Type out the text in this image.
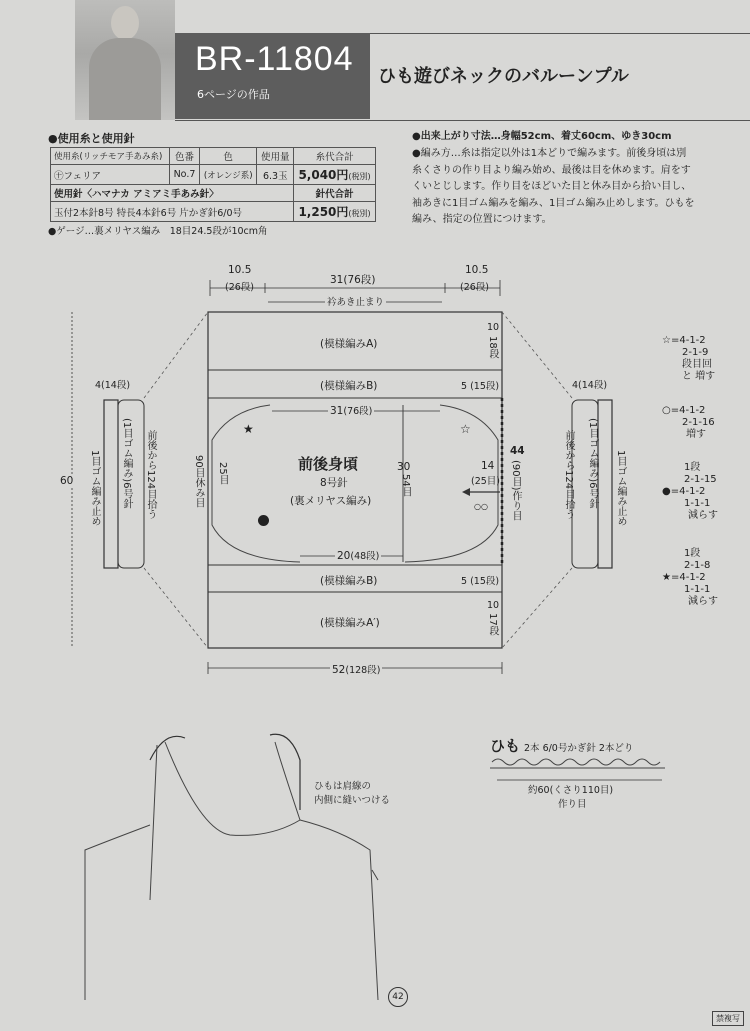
BR-11804
6ページの作品
ひも遊びネックのバルーンプル
●使用糸と使用針
使用糸(リッチモア手あみ糸)	色番	色	使用量	糸代合計
㊉フェリア	No.7	(オレンジ系)	6.3玉	5,040円(税別)
使用針〈ハマナカ アミアミ手あみ針〉				針代合計
玉付2本針8号 特長4本針6号 片かぎ針6/0号				1,250円(税別)
●ゲージ…裏メリヤス編み　18目24.5段が10cm角
●出来上がり寸法…身幅52cm、着丈60cm、ゆき30cm
●編み方…糸は指定以外は1本どりで編みます。前後身頃は別
糸くさりの作り目より編み始め、最後は目を休めます。肩をす
くいとじします。作り目をほどいた目と休み目から拾い目し、
袖あきに1目ゴム編みを編み、1目ゴム編み止めします。ひもを
編み、指定の位置につけます。
10.5
(26段)
31(76段)
10.5
(26段)
衿あき止まり
(模様編みA)
10
18段
(模様編みB)	5 (15段)
31(76段)
★	☆
○○
前後身頃
8号針
(裏メリヤス編み)
90目休み目 25目	30
54目
14
(25目)
44
(90目)作り目
20(48段)
(模様編みB)	5 (15段)
(模様編みA′)
10
17段
52(128段)
60
4(14段)	4(14段)
1目ゴム編み止め (1目ゴム編み)6号針 前後から124目拾う	前後から124目拾う (1目ゴム編み)6号針 1目ゴム編み止め
☆=4-1-2
2-1-9
段目回
と 増す
○=4-1-2
2-1-16
増す
1段
2-1-15
●=4-1-2
1-1-1
減らす
1段
2-1-8
★=4-1-2
1-1-1
減らす
ひも 2本 6/0号かぎ針 2本どり
約60(くさり110目)
作り目
ひもは肩線の
内側に縫いつける
42
禁複写
